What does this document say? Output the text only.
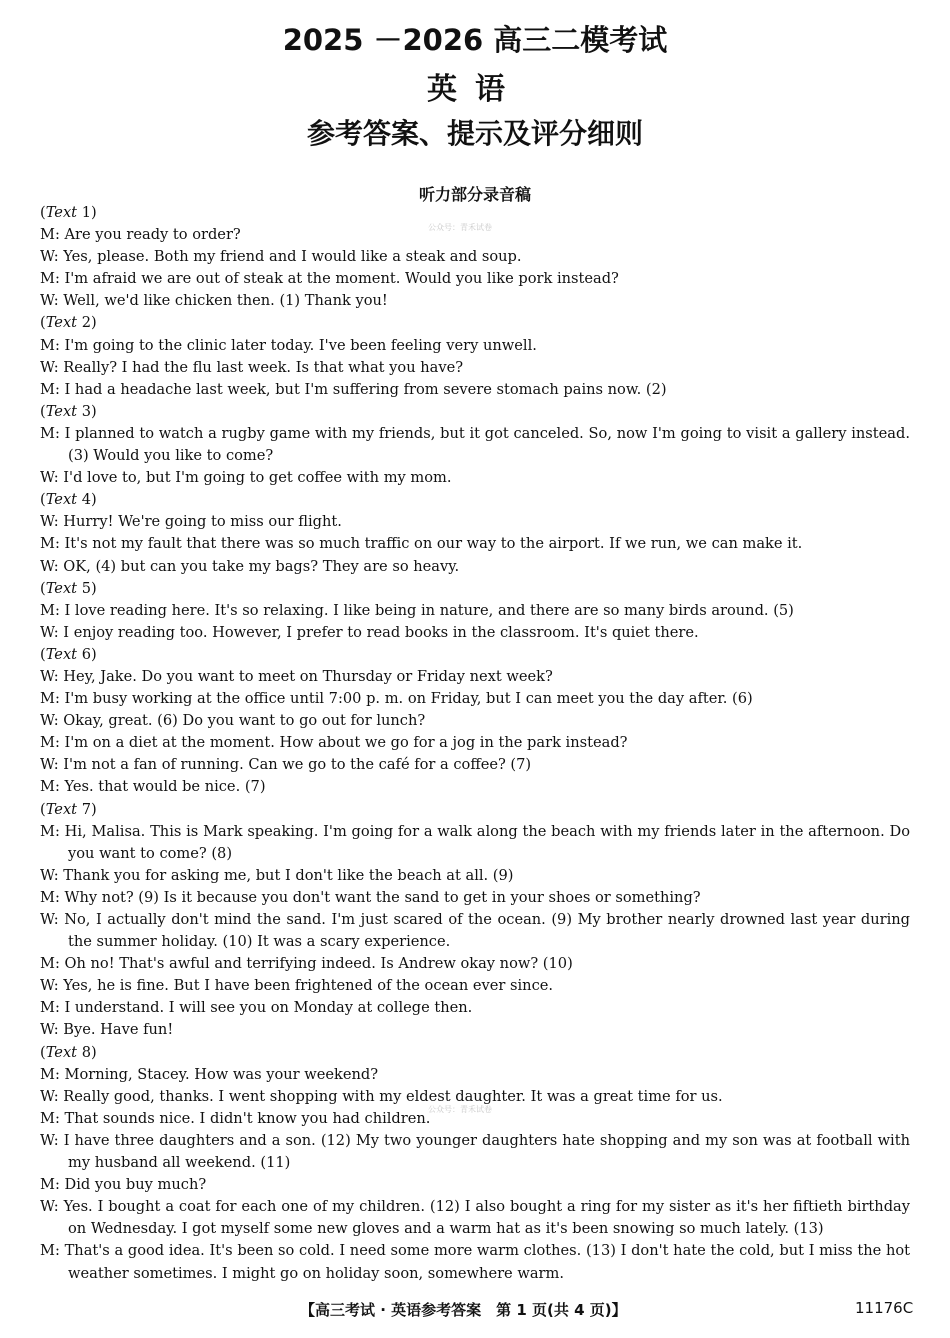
2025 －2026 高三二模考试
英语
参考答案、提示及评分细则
听力部分录音稿
公众号：青禾试卷
公众号：青禾试卷
(Text 1)
M: Are you ready to order?
W: Yes, please. Both my friend and I would like a steak and soup.
M: I'm afraid we are out of steak at the moment. Would you like pork instead?
W: Well, we'd like chicken then. (1) Thank you!
(Text 2)
M: I'm going to the clinic later today. I've been feeling very unwell.
W: Really? I had the flu last week. Is that what you have?
M: I had a headache last week, but I'm suffering from severe stomach pains now. (2)
(Text 3)
M: I planned to watch a rugby game with my friends, but it got canceled. So, now I'm going to visit a gallery instead. (3) Would you like to come?
W: I'd love to, but I'm going to get coffee with my mom.
(Text 4)
W: Hurry! We're going to miss our flight.
M: It's not my fault that there was so much traffic on our way to the airport. If we run, we can make it.
W: OK, (4) but can you take my bags? They are so heavy.
(Text 5)
M: I love reading here. It's so relaxing. I like being in nature, and there are so many birds around. (5)
W: I enjoy reading too. However, I prefer to read books in the classroom. It's quiet there.
(Text 6)
W: Hey, Jake. Do you want to meet on Thursday or Friday next week?
M: I'm busy working at the office until 7:00 p. m. on Friday, but I can meet you the day after. (6)
W: Okay, great. (6) Do you want to go out for lunch?
M: I'm on a diet at the moment. How about we go for a jog in the park instead?
W: I'm not a fan of running. Can we go to the café for a coffee? (7)
M: Yes. that would be nice. (7)
(Text 7)
M: Hi, Malisa. This is Mark speaking. I'm going for a walk along the beach with my friends later in the afternoon. Do you want to come? (8)
W: Thank you for asking me, but I don't like the beach at all. (9)
M: Why not? (9) Is it because you don't want the sand to get in your shoes or something?
W: No, I actually don't mind the sand. I'm just scared of the ocean. (9) My brother nearly drowned last year during the summer holiday. (10) It was a scary experience.
M: Oh no! That's awful and terrifying indeed. Is Andrew okay now? (10)
W: Yes, he is fine. But I have been frightened of the ocean ever since.
M: I understand. I will see you on Monday at college then.
W: Bye. Have fun!
(Text 8)
M: Morning, Stacey. How was your weekend?
W: Really good, thanks. I went shopping with my eldest daughter. It was a great time for us.
M: That sounds nice. I didn't know you had children.
W: I have three daughters and a son. (12) My two younger daughters hate shopping and my son was at football with my husband all weekend. (11)
M: Did you buy much?
W: Yes. I bought a coat for each one of my children. (12) I also bought a ring for my sister as it's her fiftieth birthday on Wednesday. I got myself some new gloves and a warm hat as it's been snowing so much lately. (13)
M: That's a good idea. It's been so cold. I need some more warm clothes. (13) I don't hate the cold, but I miss the hot weather sometimes. I might go on holiday soon, somewhere warm.
【高三考试 · 英语参考答案　第 1 页(共 4 页)】	11176C
